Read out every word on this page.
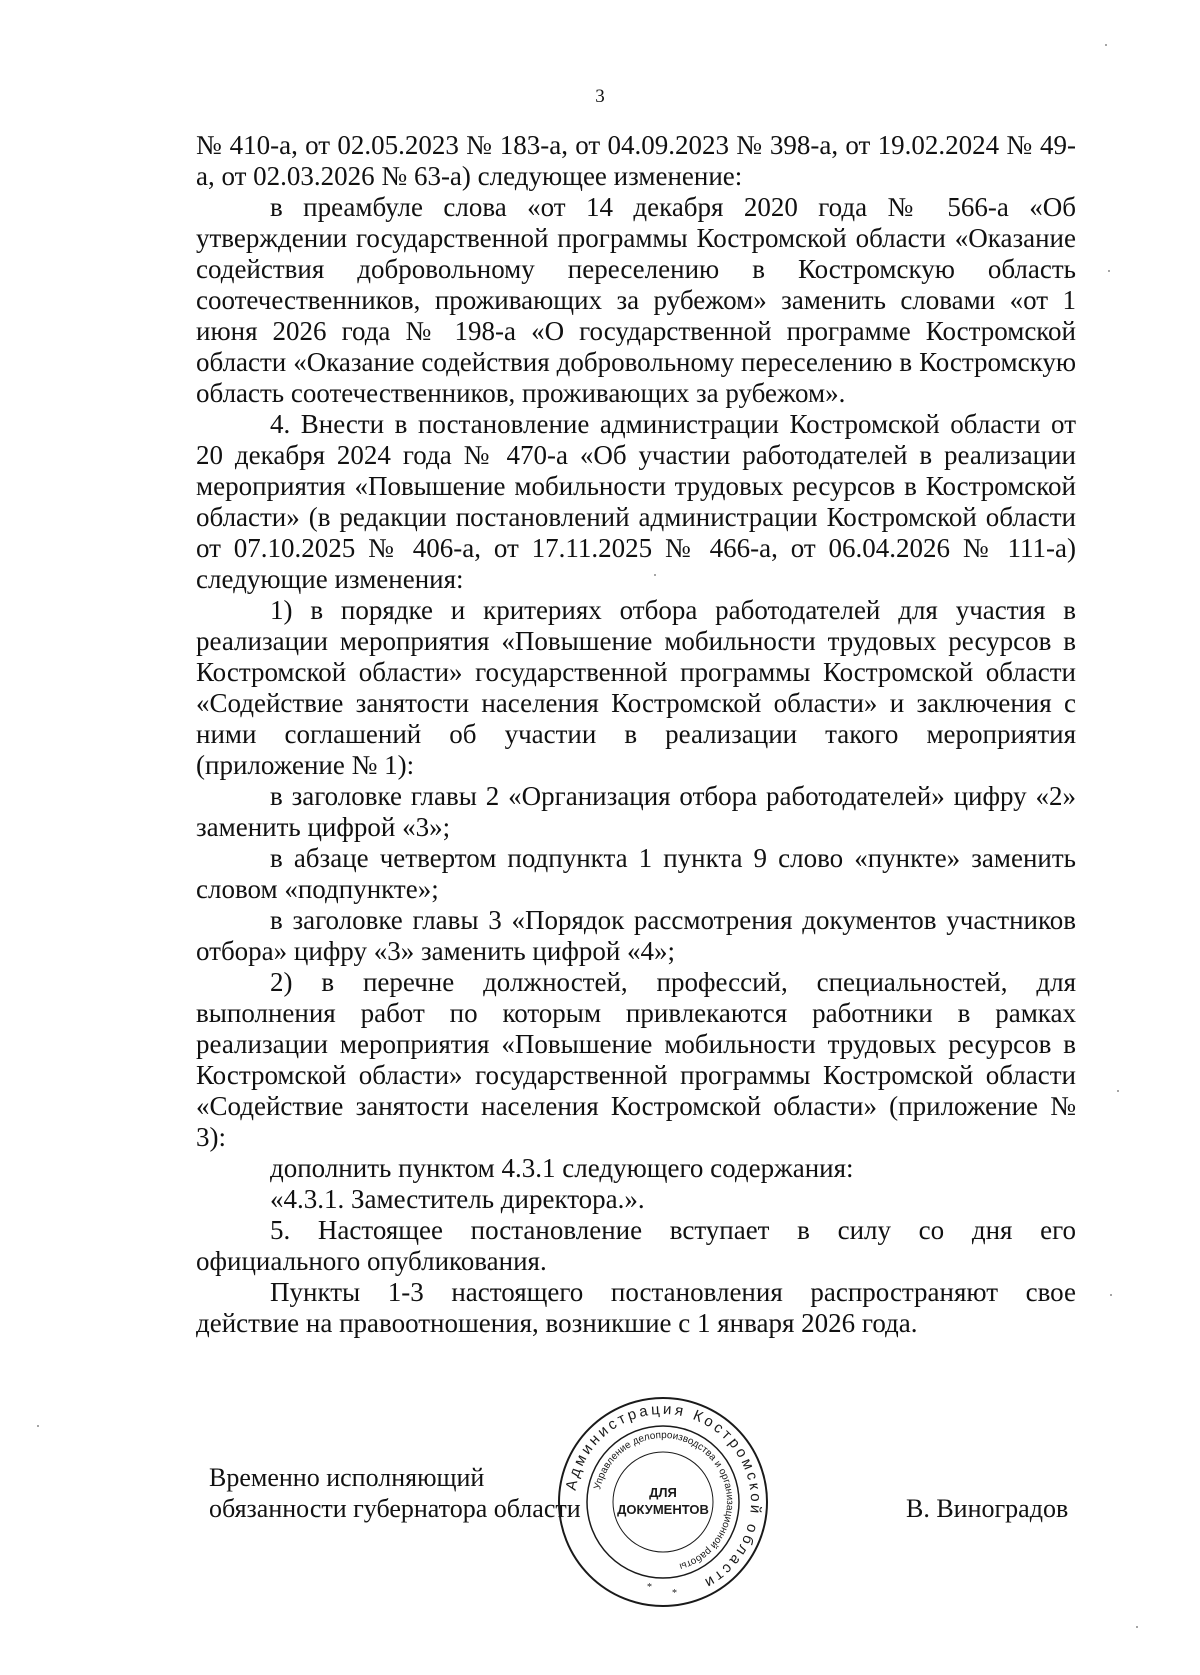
3

№ 410-а, от 02.05.2023 № 183-а, от 04.09.2023 № 398-а, от 19.02.2024 № 49-а, от 02.03.2026 № 63-а) следующее изменение:

в преамбуле слова «от 14 декабря 2020 года № 566-а «Об утверждении государственной программы Костромской области «Оказание содействия добровольному переселению в Костромскую область соотечественников, проживающих за рубежом» заменить словами «от 1 июня 2026 года № 198-а «О государственной программе Костромской области «Оказание содействия добровольному переселению в Костромскую область соотечественников, проживающих за рубежом».

4. Внести в постановление администрации Костромской области от 20 декабря 2024 года № 470-а «Об участии работодателей в реализации мероприятия «Повышение мобильности трудовых ресурсов в Костромской области» (в редакции постановлений администрации Костромской области от 07.10.2025 № 406-а, от 17.11.2025 № 466-а, от 06.04.2026 № 111-а) следующие изменения:

1) в порядке и критериях отбора работодателей для участия в реализации мероприятия «Повышение мобильности трудовых ресурсов в Костромской области» государственной программы Костромской области «Содействие занятости населения Костромской области» и заключения с ними соглашений об участии в реализации такого мероприятия (приложение № 1):

в заголовке главы 2 «Организация отбора работодателей» цифру «2» заменить цифрой «3»;

в абзаце четвертом подпункта 1 пункта 9 слово «пункте» заменить словом «подпункте»;

в заголовке главы 3 «Порядок рассмотрения документов участников отбора» цифру «3» заменить цифрой «4»;

2) в перечне должностей, профессий, специальностей, для выполнения работ по которым привлекаются работники в рамках реализации мероприятия «Повышение мобильности трудовых ресурсов в Костромской области» государственной программы Костромской области «Содействие занятости населения Костромской области» (приложение № 3):

дополнить пунктом 4.3.1 следующего содержания:

«4.3.1. Заместитель директора.».

5. Настоящее постановление вступает в силу со дня его официального опубликования.

Пункты 1-3 настоящего постановления распространяют свое действие на правоотношения, возникшие с 1 января 2026 года.

Временно исполняющий
обязанности губернатора области	В. Виноградов
Администрация Костромской области
Управление делопроизводства и организационной работы
ДЛЯ
ДОКУМЕНТОВ
*
*
